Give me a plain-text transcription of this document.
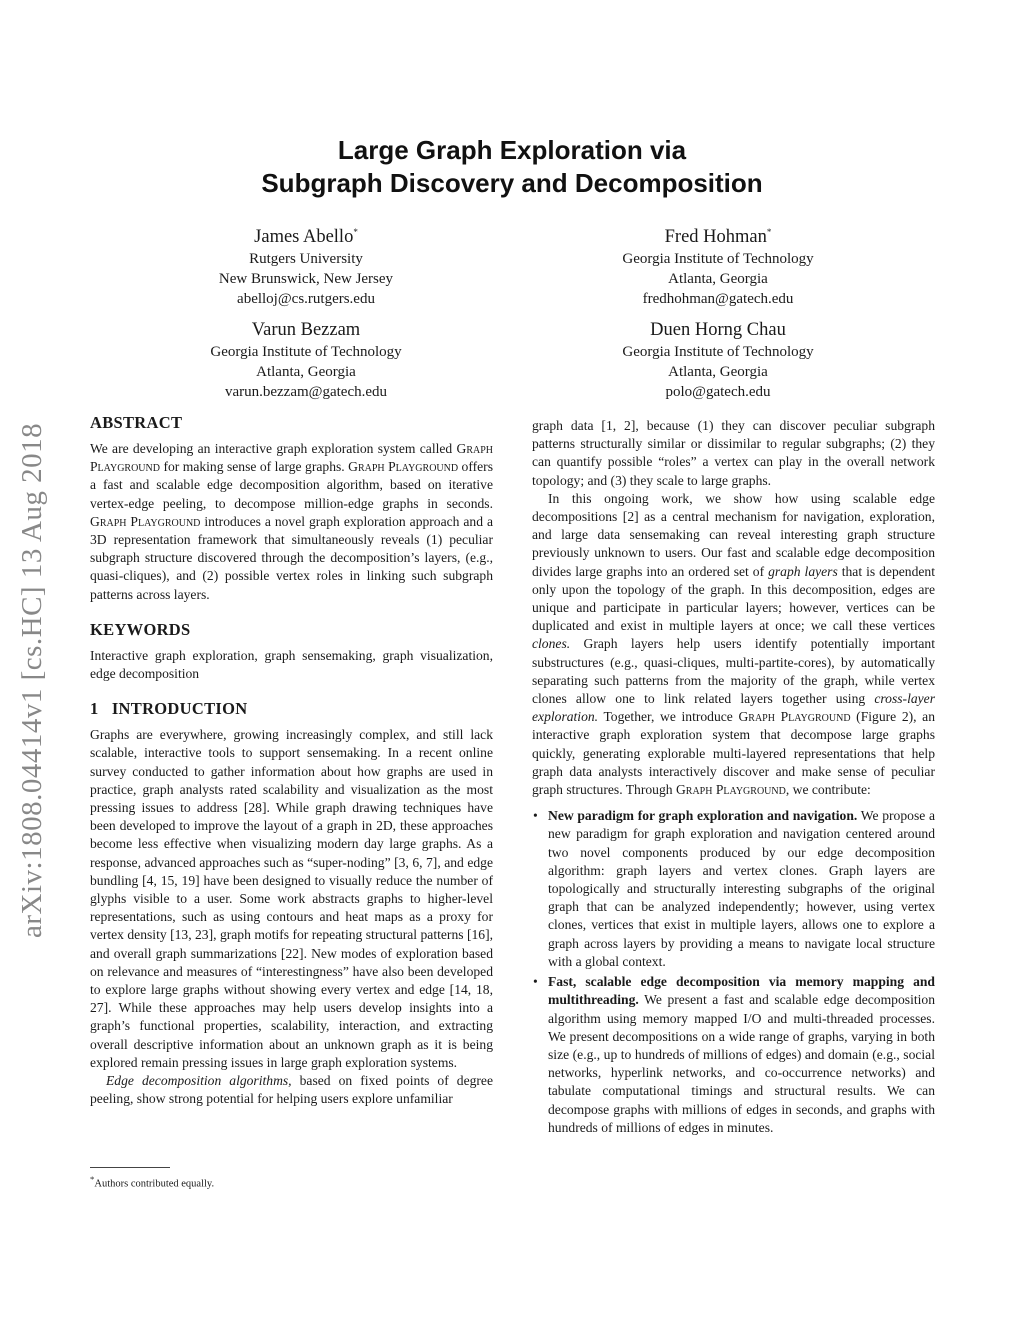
arXiv:1808.04414v1 [cs.HC] 13 Aug 2018
Large Graph Exploration via
Subgraph Discovery and Decomposition
James Abello*
Rutgers University
New Brunswick, New Jersey
abelloj@cs.rutgers.edu
Fred Hohman*
Georgia Institute of Technology
Atlanta, Georgia
fredhohman@gatech.edu
Varun Bezzam
Georgia Institute of Technology
Atlanta, Georgia
varun.bezzam@gatech.edu
Duen Horng Chau
Georgia Institute of Technology
Atlanta, Georgia
polo@gatech.edu
ABSTRACT

We are developing an interactive graph exploration system called Graph Playground for making sense of large graphs. Graph Playground offers a fast and scalable edge decomposition algorithm, based on iterative vertex-edge peeling, to decompose million-edge graphs in seconds. Graph Playground introduces a novel graph exploration approach and a 3D representation framework that simultaneously reveals (1) peculiar subgraph structure discovered through the decomposition’s layers, (e.g., quasi-cliques), and (2) possible vertex roles in linking such subgraph patterns across layers.

KEYWORDS

Interactive graph exploration, graph sensemaking, graph visualization, edge decomposition

1   INTRODUCTION

Graphs are everywhere, growing increasingly complex, and still lack scalable, interactive tools to support sensemaking. In a recent online survey conducted to gather information about how graphs are used in practice, graph analysts rated scalability and visualization as the most pressing issues to address [28]. While graph drawing techniques have been developed to improve the layout of a graph in 2D, these approaches become less effective when visualizing modern day large graphs. As a response, advanced approaches such as “super-noding” [3, 6, 7], and edge bundling [4, 15, 19] have been designed to visually reduce the number of glyphs visible to a user. Some work abstracts graphs to higher-level representations, such as using contours and heat maps as a proxy for vertex density [13, 23], graph motifs for repeating structural patterns [16], and overall graph summarizations [22]. New modes of exploration based on relevance and measures of “interestingness” have also been developed to explore large graphs without showing every vertex and edge [14, 18, 27]. While these approaches may help users develop insights into a graph’s functional properties, scalability, interaction, and extracting overall descriptive information about an unknown graph as it is being explored remain pressing issues in large graph exploration systems.

Edge decomposition algorithms, based on fixed points of degree peeling, show strong potential for helping users explore unfamiliar

*Authors contributed equally.

graph data [1, 2], because (1) they can discover peculiar subgraph patterns structurally similar or dissimilar to regular subgraphs; (2) they can quantify possible “roles” a vertex can play in the overall network topology; and (3) they scale to large graphs.

In this ongoing work, we show how using scalable edge decompositions [2] as a central mechanism for navigation, exploration, and large data sensemaking can reveal interesting graph structure previously unknown to users. Our fast and scalable edge decomposition divides large graphs into an ordered set of graph layers that is dependent only upon the topology of the graph. In this decomposition, edges are unique and participate in particular layers; however, vertices can be duplicated and exist in multiple layers at once; we call these vertices clones. Graph layers help users identify potentially important substructures (e.g., quasi-cliques, multi-partite-cores), by automatically separating such patterns from the majority of the graph, while vertex clones allow one to link related layers together using cross-layer exploration. Together, we introduce Graph Playground (Figure 2), an interactive graph exploration system that decompose large graphs quickly, generating explorable multi-layered representations that help graph data analysts interactively discover and make sense of peculiar graph structures. Through Graph Playground, we contribute:

• New paradigm for graph exploration and navigation. We propose a new paradigm for graph exploration and navigation centered around two novel components produced by our edge decomposition algorithm: graph layers and vertex clones. Graph layers are topologically and structurally interesting subgraphs of the original graph that can be analyzed independently; however, using vertex clones, vertices that exist in multiple layers, allows one to explore a graph across layers by providing a means to navigate local structure with a global context.
• Fast, scalable edge decomposition via memory mapping and multithreading. We present a fast and scalable edge decomposition algorithm using memory mapped I/O and multi-threaded processes. We present decompositions on a wide range of graphs, varying in both size (e.g., up to hundreds of millions of edges) and domain (e.g., social networks, hyperlink networks, and co-occurrence networks) and tabulate computational timings and structural results. We can decompose graphs with millions of edges in seconds, and graphs with hundreds of millions of edges in minutes.
